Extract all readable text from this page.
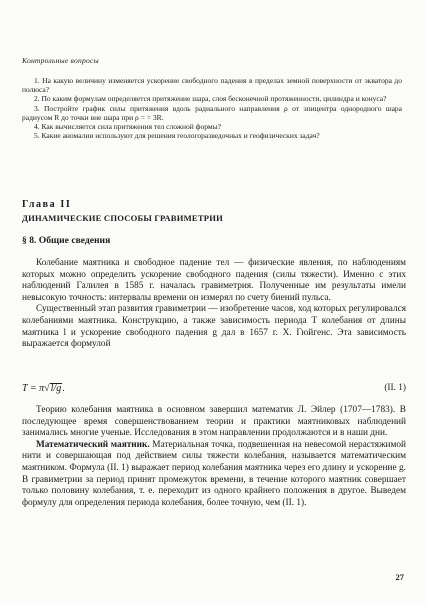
Контрольные вопросы

1. На какую величину изменяется ускорение свободного падения в пределах земной поверхности от экватора до полюса?

2. По каким формулам определяется притяжение шара, слоя бесконечной протяженности, цилиндра и конуса?

3. Постройте график силы притяжения вдоль радиального направления ρ от эпицентра однородного шара радиусом R до точки вне шара при ρ = = 3R.

4. Как вычисляется сила притяжения тел сложной формы?

5. Какие аномалии используют для решения геологоразведочных и геофизических задач?

Глава II
ДИНАМИЧЕСКИЕ СПОСОБЫ ГРАВИМЕТРИИ
§ 8. Общие сведения

Колебание маятника и свободное падение тел — физические явления, по наблюдениям которых можно определить ускорение свободного падения (силы тяжести). Именно с этих наблюдений Галилея в 1585 г. началась гравиметрия. Полученные им результаты имели невысокую точность: интервалы времени он измерял по счету биений пульса.

Существенный этап развития гравиметрии — изобретение часов, ход которых регулировался колебаниями маятника. Конструкцию, а также зависимость периода T колебания от длины маятника l и ускорение свободного падения g дал в 1657 г. Х. Гюйгенс. Эта зависимость выражается формулой

T = π√l/g.	(II. 1)

Теорию колебания маятника в основном завершил математик Л. Эйлер (1707—1783). В последующее время совершенствованием теории и практики маятниковых наблюдений занимались многие ученые. Исследования в этом направлении продолжаются и в наши дни.

Математический маятник. Материальная точка, подвешенная на невесомой нерастяжимой нити и совершающая под действием силы тяжести колебания, называется математическим маятником. Формула (II. 1) выражает период колебания маятника через его длину и ускорение g. В гравиметрии за период принят промежуток времени, в течение которого маятник совершает только половину колебания, т. е. переходит из одного крайнего положения в другое. Выведем формулу для определения периода колебания, более точную, чем (II. 1).

27
